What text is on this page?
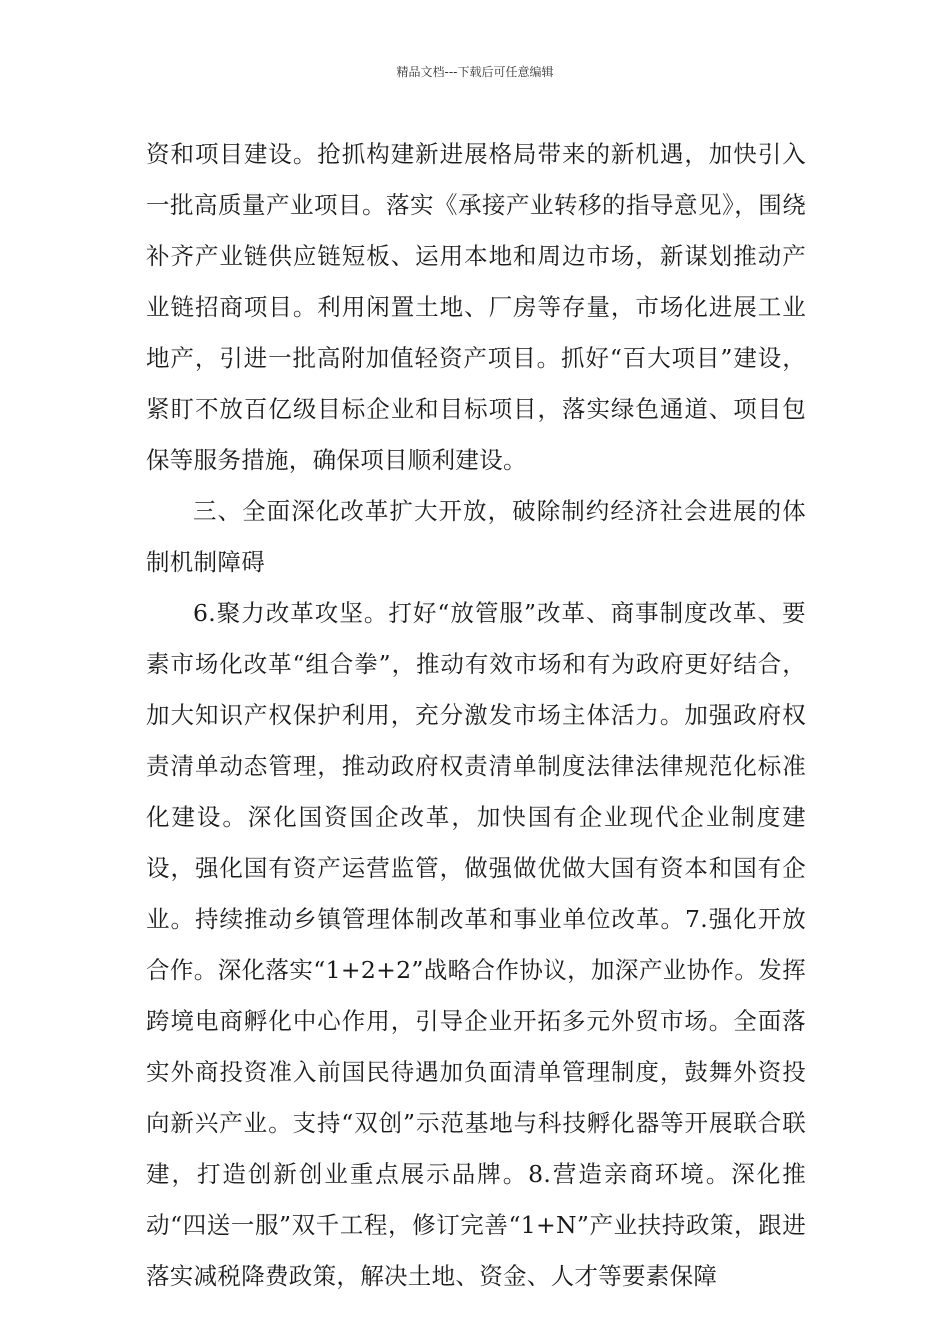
精品文档---下载后可任意编辑

资和项目建设。抢抓构建新进展格局带来的新机遇，加快引入一批高质量产业项目。落实《承接产业转移的指导意见》，围绕补齐产业链供应链短板、运用本地和周边市场，新谋划推动产业链招商项目。利用闲置土地、厂房等存量，市场化进展工业地产，引进一批高附加值轻资产项目。抓好“百大项目”建设，紧盯不放百亿级目标企业和目标项目，落实绿色通道、项目包保等服务措施，确保项目顺利建设。

三、全面深化改革扩大开放，破除制约经济社会进展的体制机制障碍

6.聚力改革攻坚。打好“放管服”改革、商事制度改革、要素市场化改革“组合拳”，推动有效市场和有为政府更好结合，加大知识产权保护利用，充分激发市场主体活力。加强政府权责清单动态管理，推动政府权责清单制度法律法律规范化标准化建设。深化国资国企改革，加快国有企业现代企业制度建设，强化国有资产运营监管，做强做优做大国有资本和国有企业。持续推动乡镇管理体制改革和事业单位改革。7.强化开放合作。深化落实“1+2+2”战略合作协议，加深产业协作。发挥跨境电商孵化中心作用，引导企业开拓多元外贸市场。全面落实外商投资准入前国民待遇加负面清单管理制度，鼓舞外资投向新兴产业。支持“双创”示范基地与科技孵化器等开展联合联建，打造创新创业重点展示品牌。8.营造亲商环境。深化推动“四送一服”双千工程，修订完善“1+N”产业扶持政策，跟进落实减税降费政策，解决土地、资金、人才等要素保障
